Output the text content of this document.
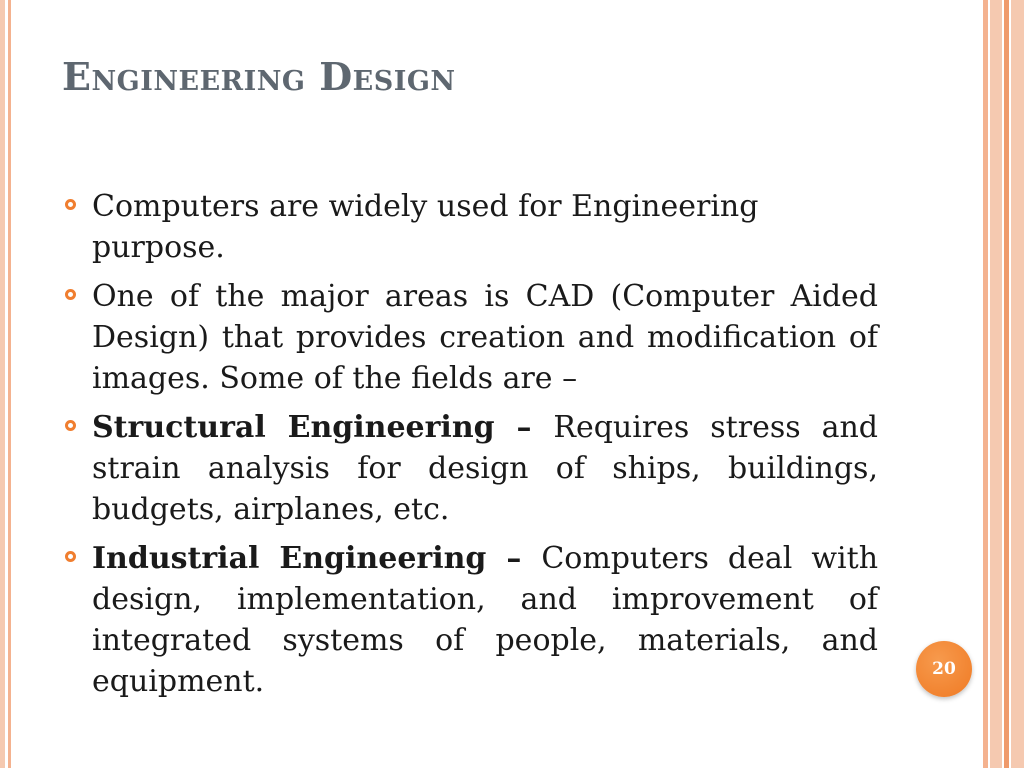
Engineering Design
Computers are widely used for Engineering purpose.
One of the major areas is CAD (Computer Aided Design) that provides creation and modification of images. Some of the fields are –
Structural Engineering – Requires stress and strain analysis for design of ships, buildings, budgets, airplanes, etc.
Industrial Engineering – Computers deal with design, implementation, and improvement of integrated systems of people, materials, and equipment.	20
